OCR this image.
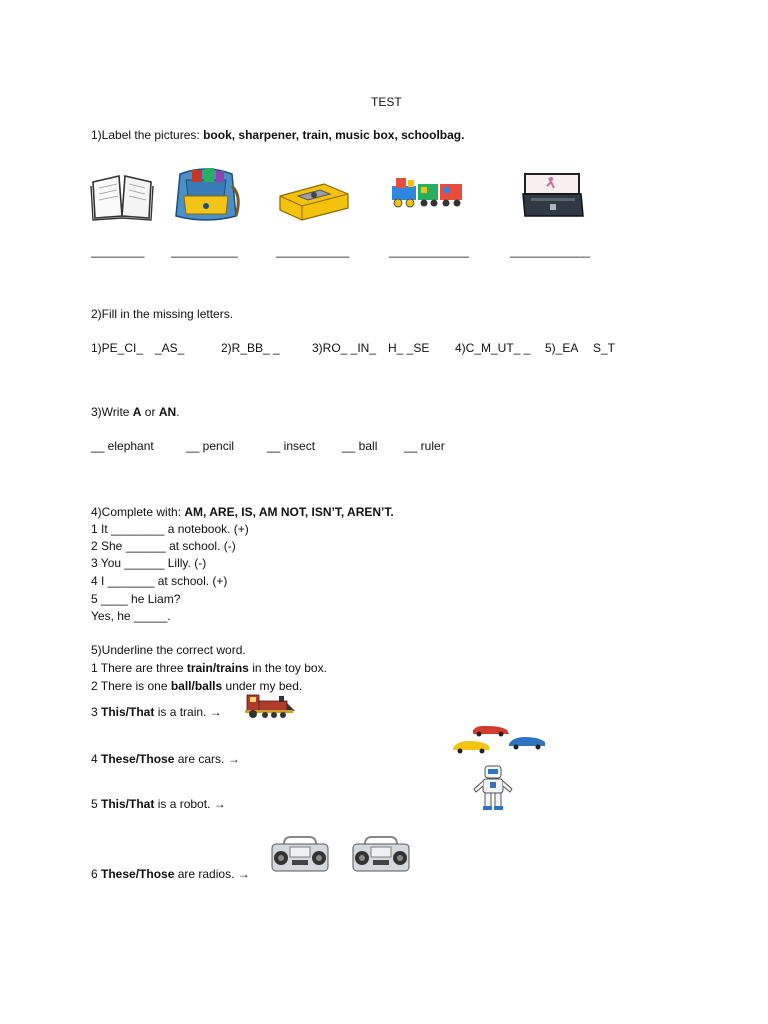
TEST
1)Label the pictures: book, sharpener, train, music box, schoolbag.
________ __________	___________	____________	____________
2)Fill in the missing letters.
1)PE_CI_ _AS_	2)R_BB_ _	3)RO_ _IN_ H_ _SE 4)C_M_UT_ _ 5)_EA S_T
3)Write A or AN.
__ elephant	__ pencil	__ insect __ ball __ ruler
4)Complete with: AM, ARE, IS, AM NOT, ISN’T, AREN’T.
1 It ________ a notebook. (+)
2 She ______ at school. (-)
3 You ______ Lilly. (-)
4 I _______ at school. (+)
5 ____ he Liam?
Yes, he _____.
5)Underline the correct word.
1 There are three train/trains in the toy box.
2 There is one ball/balls under my bed.
3 This/That is a train. →
4 These/Those are cars. →
5 This/That is a robot. →
6 These/Those are radios. →
